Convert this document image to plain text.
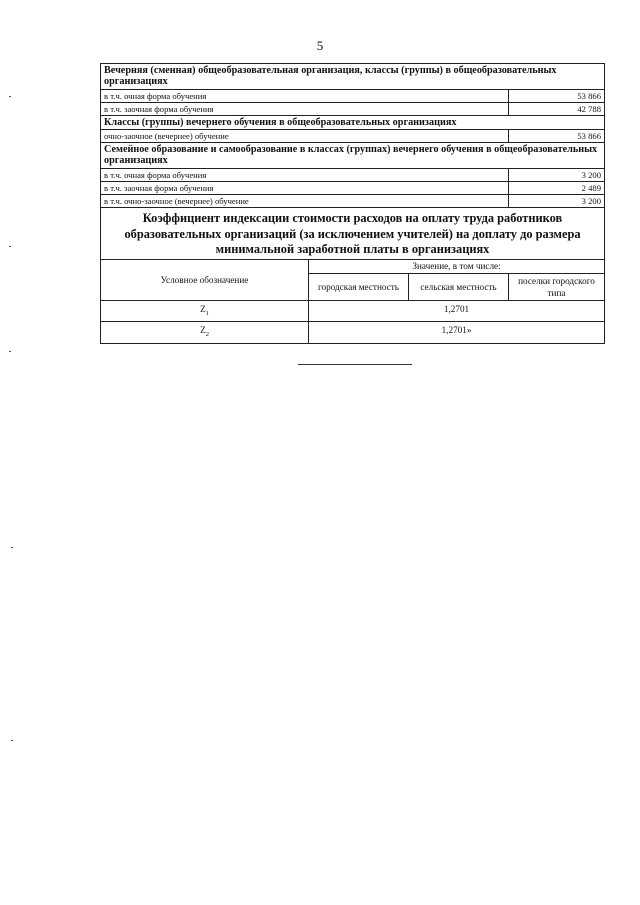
5
Вечерняя (сменная) общеобразовательная организация, классы (группы) в общеобразовательных организациях			
в т.ч. очная форма обучения			53 866
в т.ч. заочная форма обучения			42 788
Классы (группы) вечернего обучения в общеобразовательных организациях			
очно-заочное (вечернее) обучение			53 866
Семейное образование и самообразование в классах (группах) вечернего обучения в общеобразовательных организациях			
в т.ч. очная форма обучения			3 200
в т.ч. заочная форма обучения			2 489
в т.ч. очно-заочное (вечернее) обучение			3 200
Коэффициент индексации стоимости расходов на оплату труда работников образовательных организаций (за исключением учителей) на доплату до размера минимальной заработной платы в организациях			
Условное обозначение	Значение, в том числе:		
	городская местность	сельская местность	поселки городского типа
$Z_1$	1,2701		
$Z_2$	1,2701»		
